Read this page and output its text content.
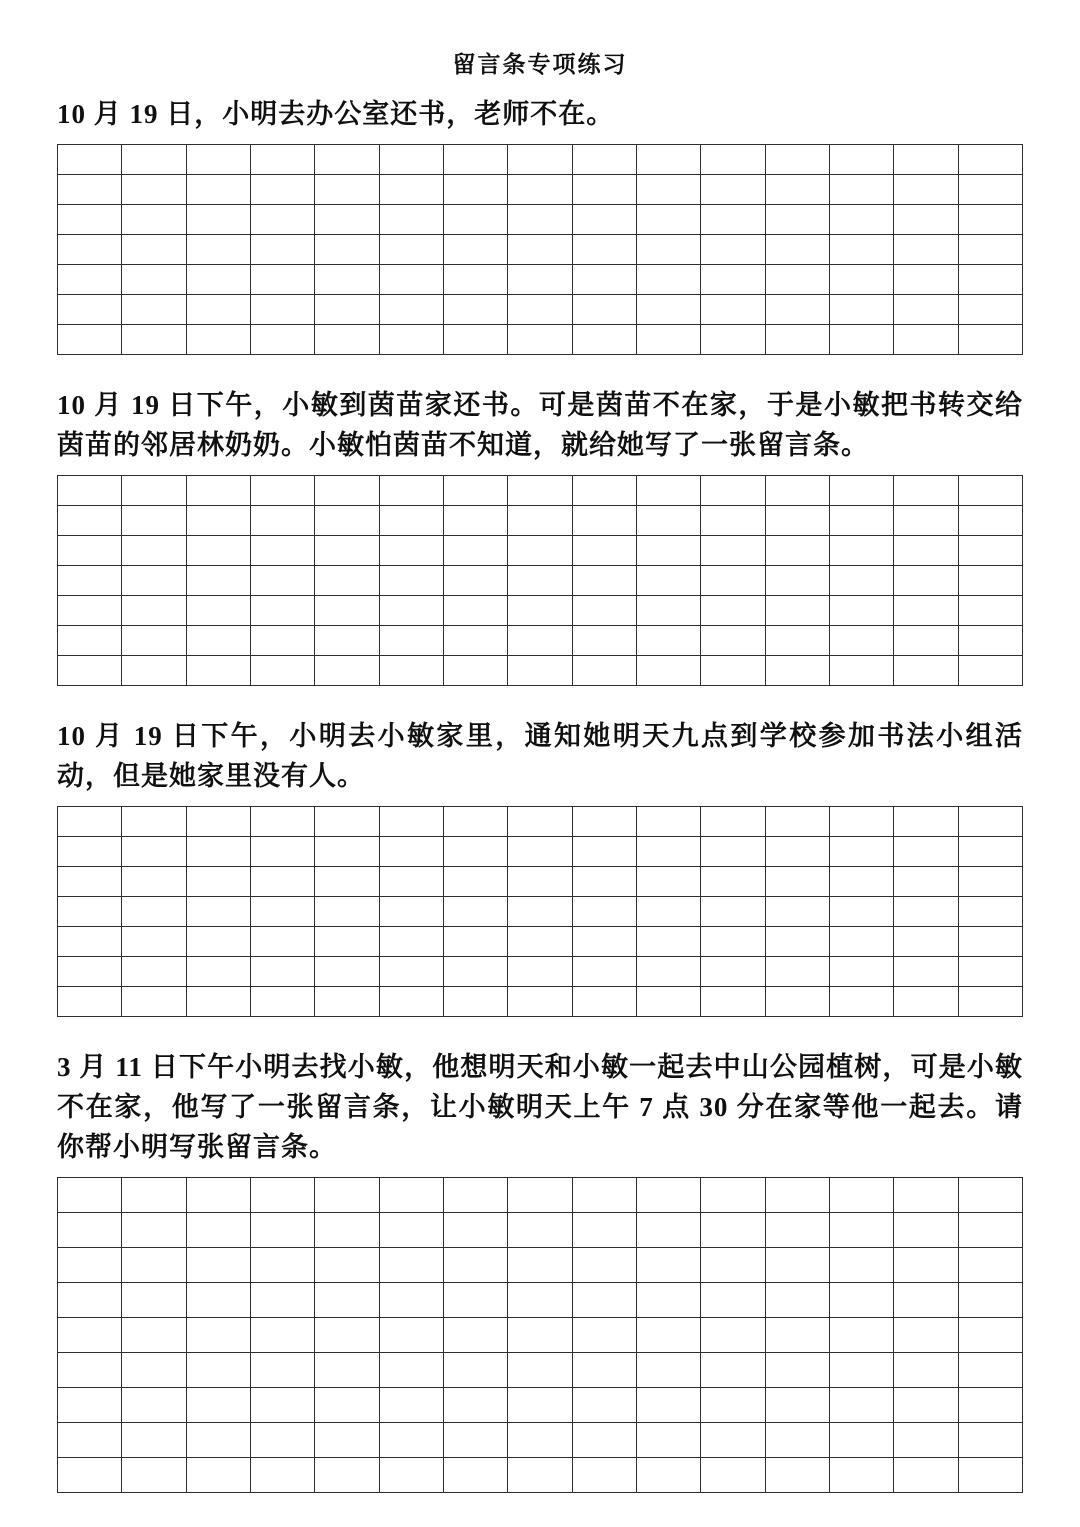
留言条专项练习

10 月 19 日，小明去办公室还书，老师不在。

10 月 19 日下午，小敏到茵苗家还书。可是茵苗不在家，于是小敏把书转交给茵苗的邻居林奶奶。小敏怕茵苗不知道，就给她写了一张留言条。

10 月 19 日下午，小明去小敏家里，通知她明天九点到学校参加书法小组活动，但是她家里没有人。

3 月 11 日下午小明去找小敏，他想明天和小敏一起去中山公园植树，可是小敏不在家，他写了一张留言条，让小敏明天上午 7 点 30 分在家等他一起去。请你帮小明写张留言条。
